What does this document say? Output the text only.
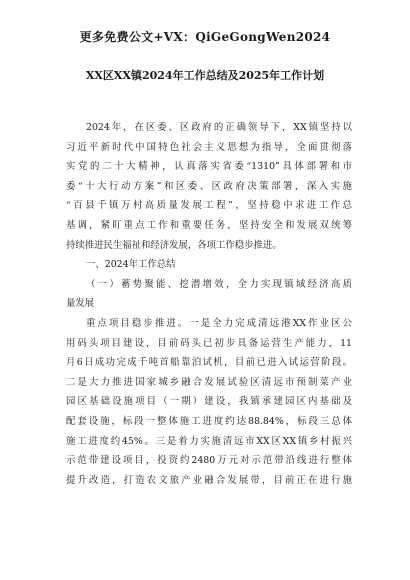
更多免费公文+VX：QiGeGongWen2024
XX区XX镇2024年工作总结及2025年工作计划
2024年，在区委、区政府的正确领导下，XX镇坚持以
习近平新时代中国特色社会主义思想为指导，全面贯彻落
实党的二十大精神，认真落实省委“1310”具体部署和市
委“十大行动方案”和区委、区政府决策部署，深入实施
“百县千镇万村高质量发展工程”，坚持稳中求进工作总
基调，紧盯重点工作和重要任务，坚持安全和发展双统筹
持续推进民生福祉和经济发展，各项工作稳步推进。
一、2024年工作总结
（一）蓄势聚能、挖潜增效，全力实现镇域经济高质
量发展
重点项目稳步推进。一是全力完成清远港XX作业区公
用码头项目建设，目前码头已初步具备运营生产能力，11
月6日成功完成千吨首船靠泊试机，目前已进入试运营阶段。
二是大力推进国家城乡融合发展试验区清远市预制菜产业
园区基础设施项目（一期）建设，我镇承建园区内基础及
配套设施，标段一整体施工进度约达88.84%，标段三总体
施工进度约45%。三是着力实施清远市XX区XX镇乡村振兴
示范带建设项目，投资约2480万元对示范带沿线进行整体
提升改造，打造农文旅产业融合发展带，目前正在进行施
